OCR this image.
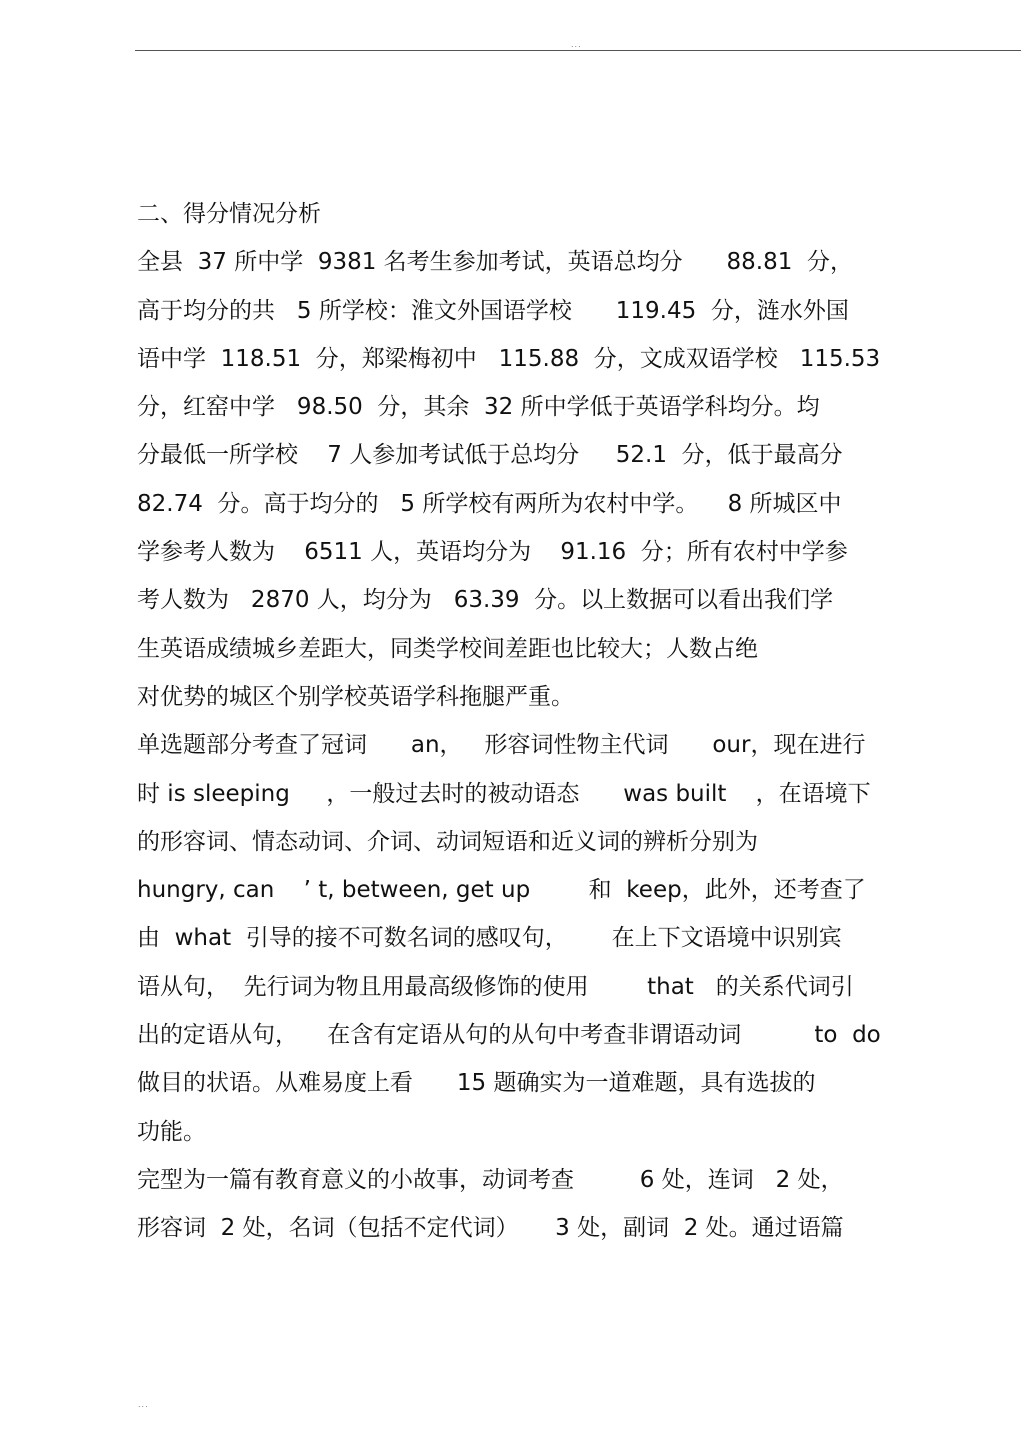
...
二、得分情况分析
全县  37 所中学  9381 名考生参加考试，英语总均分      88.81  分，
高于均分的共   5 所学校：淮文外国语学校      119.45  分，涟水外国
语中学  118.51  分，郑梁梅初中   115.88  分，文成双语学校   115.53
分，红窑中学   98.50  分，其余  32 所中学低于英语学科均分。均
分最低一所学校    7 人参加考试低于总均分     52.1  分，低于最高分
82.74  分。高于均分的   5 所学校有两所为农村中学。    8 所城区中
学参考人数为    6511 人，英语均分为    91.16  分；所有农村中学参
考人数为   2870 人，均分为   63.39  分。以上数据可以看出我们学
生英语成绩城乡差距大，同类学校间差距也比较大；人数占绝
对优势的城区个别学校英语学科拖腿严重。
单选题部分考查了冠词      an，   形容词性物主代词      our，现在进行
时 is sleeping     ，一般过去时的被动语态      was built    ，在语境下
的形容词、情态动词、介词、动词短语和近义词的辨析分别为
hungry, can    ’ t, between, get up        和  keep，此外，还考查了
由  what  引导的接不可数名词的感叹句，      在上下文语境中识别宾
语从句，  先行词为物且用最高级修饰的使用        that   的关系代词引
出的定语从句，    在含有定语从句的从句中考查非谓语动词          to  do
做目的状语。从难易度上看      15 题确实为一道难题，具有选拔的
功能。
完型为一篇有教育意义的小故事，动词考查         6 处，连词   2 处，
形容词  2 处，名词（包括不定代词）     3 处，副词  2 处。通过语篇
...
